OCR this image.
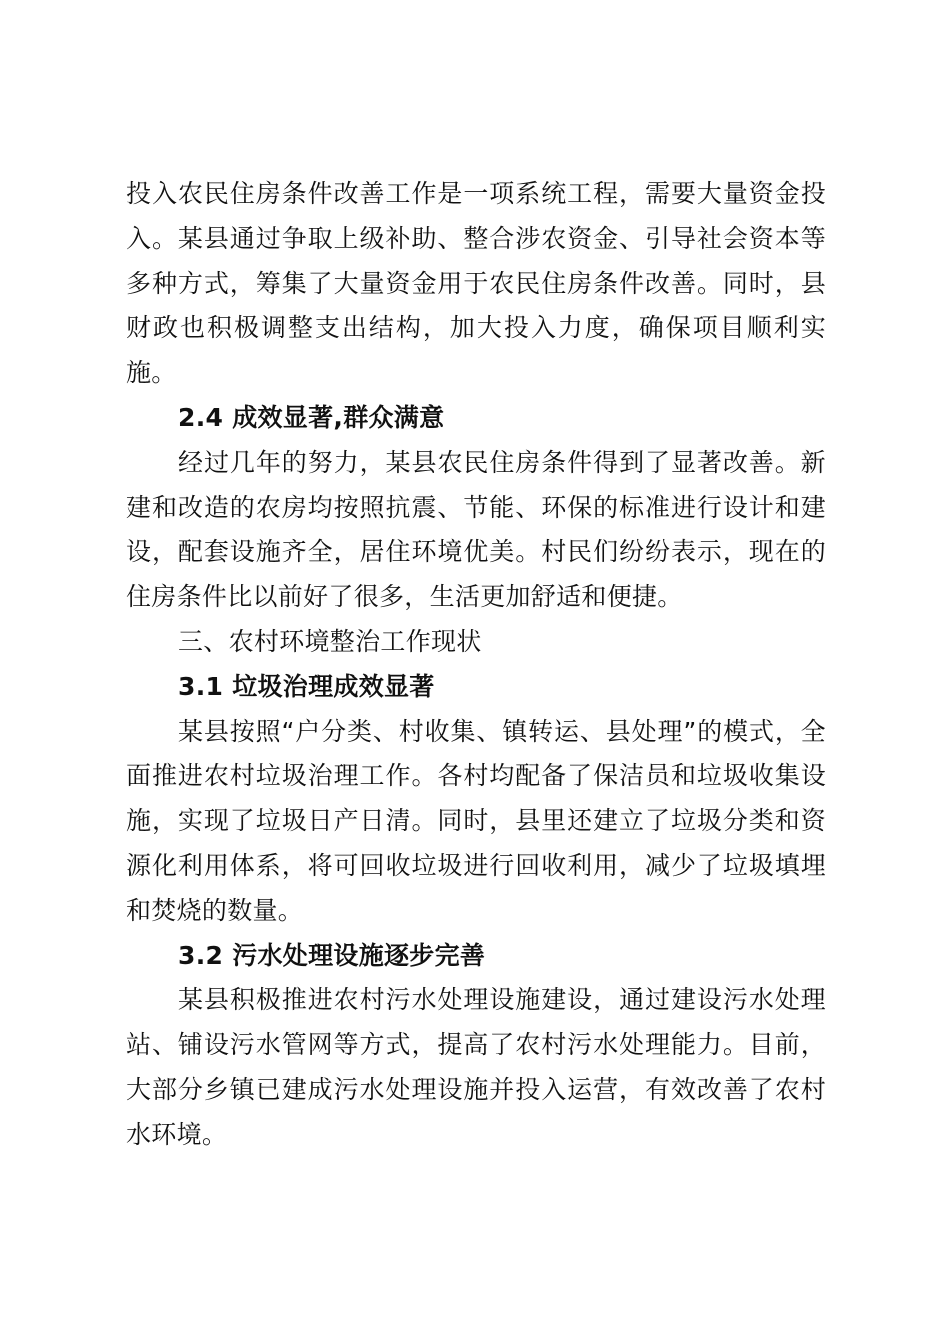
投入农民住房条件改善工作是一项系统工程，需要大量资金投入。某县通过争取上级补助、整合涉农资金、引导社会资本等多种方式，筹集了大量资金用于农民住房条件改善。同时，县财政也积极调整支出结构，加大投入力度，确保项目顺利实施。

2.4 成效显著,群众满意

经过几年的努力，某县农民住房条件得到了显著改善。新建和改造的农房均按照抗震、节能、环保的标准进行设计和建设，配套设施齐全，居住环境优美。村民们纷纷表示，现在的住房条件比以前好了很多，生活更加舒适和便捷。

三、农村环境整治工作现状

3.1 垃圾治理成效显著

某县按照“户分类、村收集、镇转运、县处理”的模式，全面推进农村垃圾治理工作。各村均配备了保洁员和垃圾收集设施，实现了垃圾日产日清。同时，县里还建立了垃圾分类和资源化利用体系，将可回收垃圾进行回收利用，减少了垃圾填埋和焚烧的数量。

3.2 污水处理设施逐步完善

某县积极推进农村污水处理设施建设，通过建设污水处理站、铺设污水管网等方式，提高了农村污水处理能力。目前，大部分乡镇已建成污水处理设施并投入运营，有效改善了农村水环境。
